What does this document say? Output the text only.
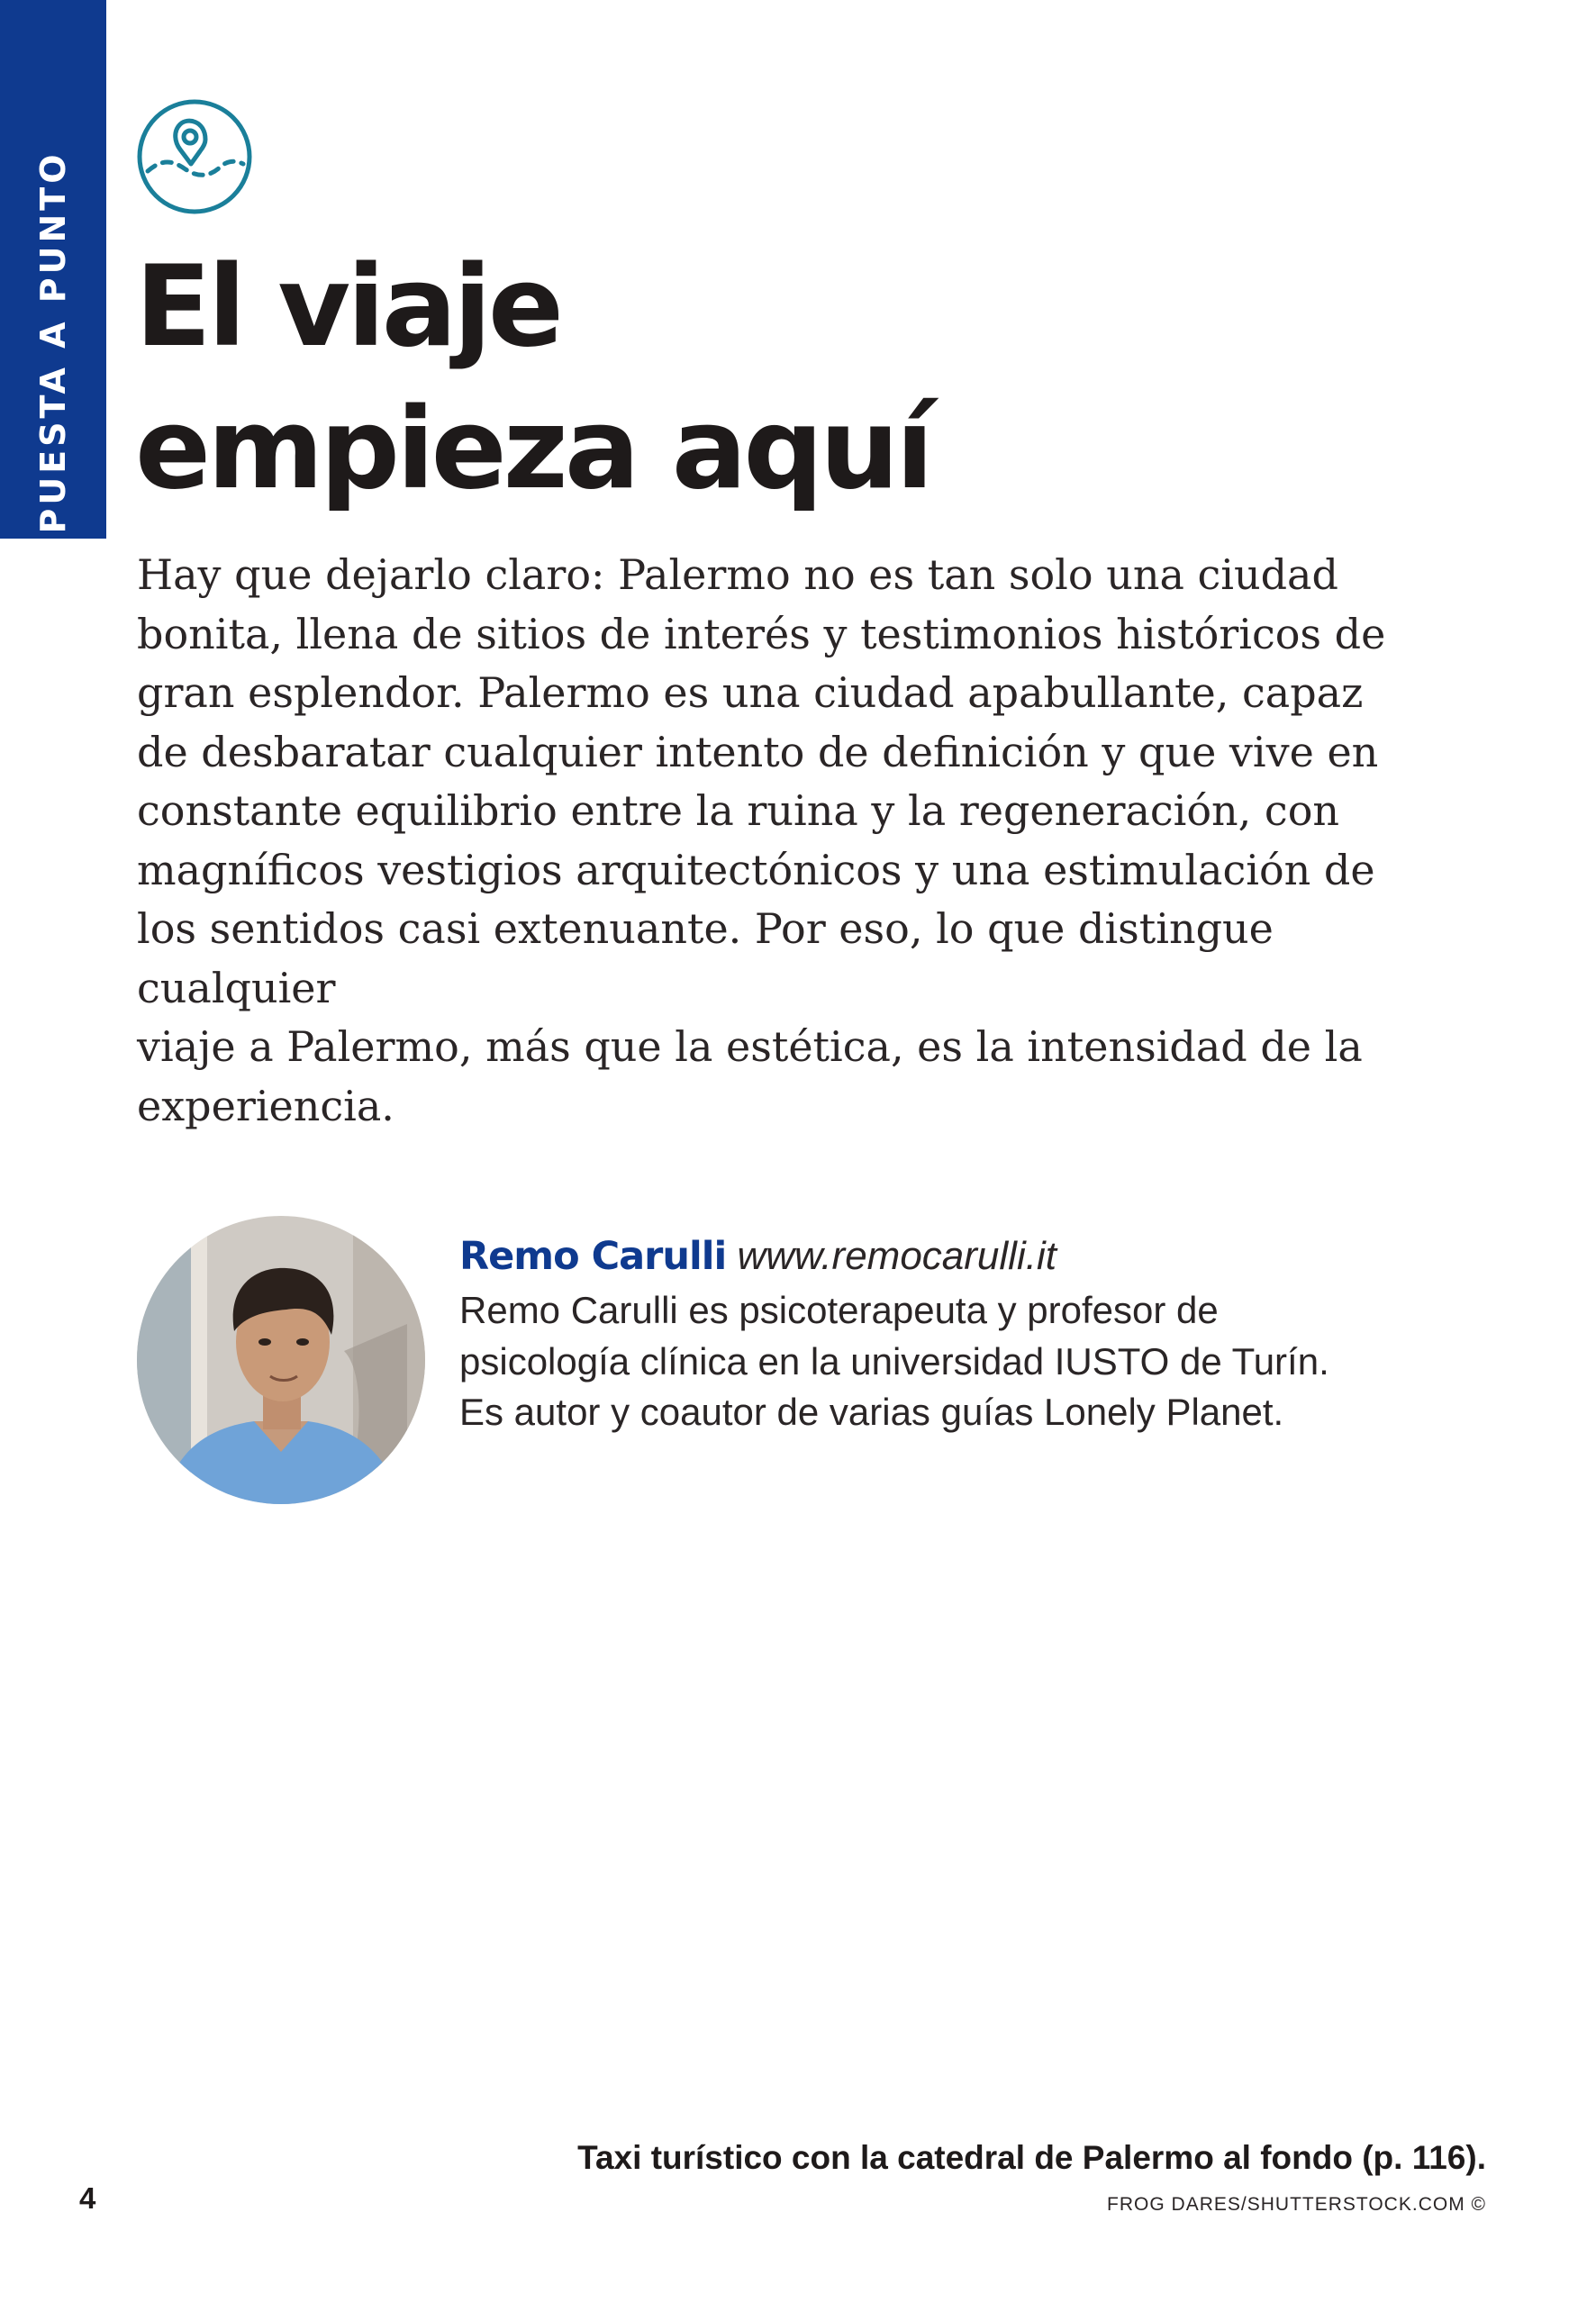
PUESTA A PUNTO El viaje
empieza aquí

Hay que dejarlo claro: Palermo no es tan solo una ciudad
bonita, llena de sitios de interés y testimonios históricos de
gran esplendor. Palermo es una ciudad apabullante, capaz
de desbaratar cualquier intento de definición y que vive en
constante equilibrio entre la ruina y la regeneración, con
magníficos vestigios arquitectónicos y una estimulación de
los sentidos casi extenuante. Por eso, lo que distingue cualquier
viaje a Palermo, más que la estética, es la intensidad de la
experiencia.

Remo Carulli www.remocarulli.it

Remo Carulli es psicoterapeuta y profesor de
psicología clínica en la universidad IUSTO de Turín.
Es autor y coautor de varias guías Lonely Planet.

Taxi turístico con la catedral de Palermo al fondo (p. 116).

FROG DARES/SHUTTERSTOCK.COM ©

4
